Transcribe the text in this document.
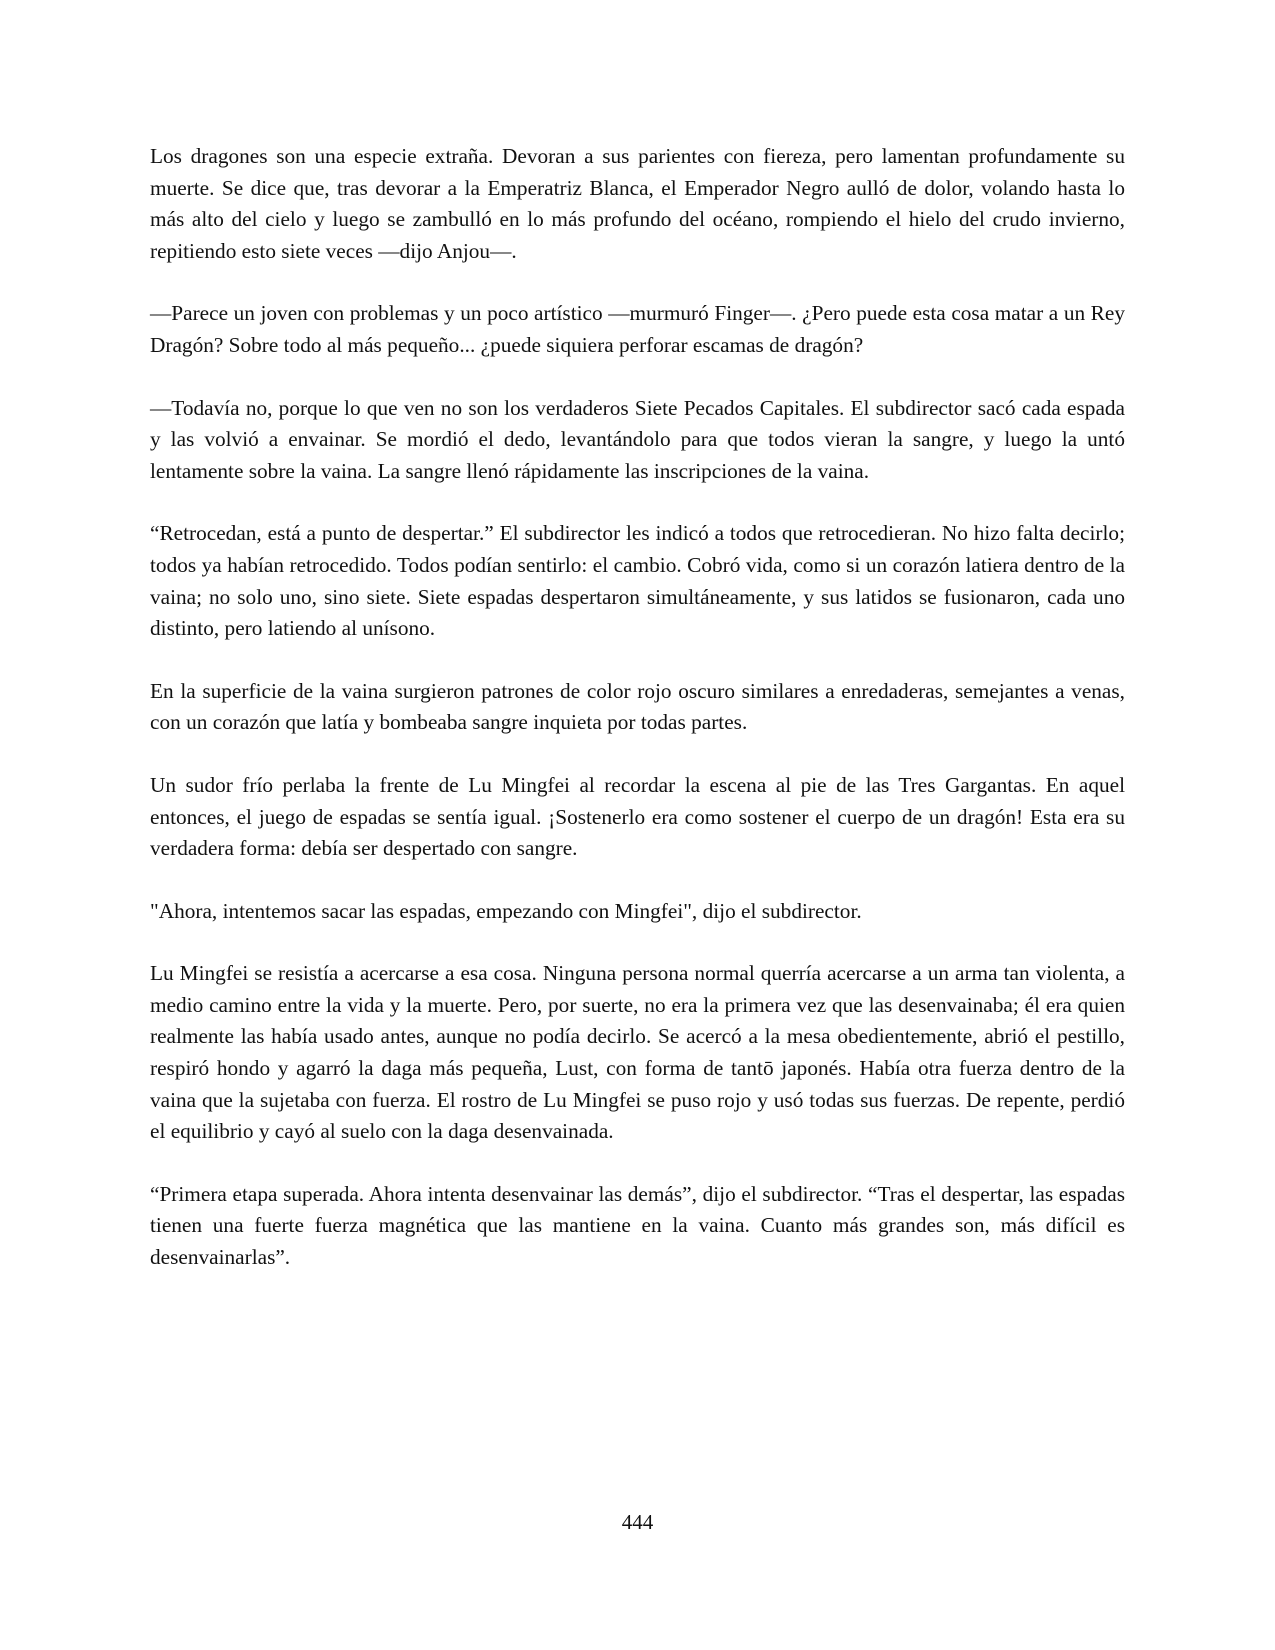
Los dragones son una especie extraña. Devoran a sus parientes con fiereza, pero lamentan profundamente su muerte. Se dice que, tras devorar a la Emperatriz Blanca, el Emperador Negro aulló de dolor, volando hasta lo más alto del cielo y luego se zambulló en lo más profundo del océano, rompiendo el hielo del crudo invierno, repitiendo esto siete veces —dijo Anjou—.

—Parece un joven con problemas y un poco artístico —murmuró Finger—. ¿Pero puede esta cosa matar a un Rey Dragón? Sobre todo al más pequeño... ¿puede siquiera perforar escamas de dragón?

—Todavía no, porque lo que ven no son los verdaderos Siete Pecados Capitales. El subdirector sacó cada espada y las volvió a envainar. Se mordió el dedo, levantándolo para que todos vieran la sangre, y luego la untó lentamente sobre la vaina. La sangre llenó rápidamente las inscripciones de la vaina.

“Retrocedan, está a punto de despertar.” El subdirector les indicó a todos que retrocedieran. No hizo falta decirlo; todos ya habían retrocedido. Todos podían sentirlo: el cambio. Cobró vida, como si un corazón latiera dentro de la vaina; no solo uno, sino siete. Siete espadas despertaron simultáneamente, y sus latidos se fusionaron, cada uno distinto, pero latiendo al unísono.

En la superficie de la vaina surgieron patrones de color rojo oscuro similares a enredaderas, semejantes a venas, con un corazón que latía y bombeaba sangre inquieta por todas partes.

Un sudor frío perlaba la frente de Lu Mingfei al recordar la escena al pie de las Tres Gargantas. En aquel entonces, el juego de espadas se sentía igual. ¡Sostenerlo era como sostener el cuerpo de un dragón! Esta era su verdadera forma: debía ser despertado con sangre.

"Ahora, intentemos sacar las espadas, empezando con Mingfei", dijo el subdirector.

Lu Mingfei se resistía a acercarse a esa cosa. Ninguna persona normal querría acercarse a un arma tan violenta, a medio camino entre la vida y la muerte. Pero, por suerte, no era la primera vez que las desenvainaba; él era quien realmente las había usado antes, aunque no podía decirlo. Se acercó a la mesa obedientemente, abrió el pestillo, respiró hondo y agarró la daga más pequeña, Lust, con forma de tantō japonés. Había otra fuerza dentro de la vaina que la sujetaba con fuerza. El rostro de Lu Mingfei se puso rojo y usó todas sus fuerzas. De repente, perdió el equilibrio y cayó al suelo con la daga desenvainada.

“Primera etapa superada. Ahora intenta desenvainar las demás”, dijo el subdirector. “Tras el despertar, las espadas tienen una fuerte fuerza magnética que las mantiene en la vaina. Cuanto más grandes son, más difícil es desenvainarlas”.

444
